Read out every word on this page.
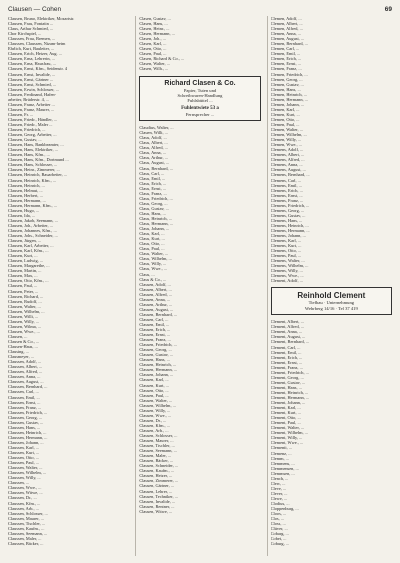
Clausen — Cohen	69
Clausen, Bruno, Elektriker, Mozartstr.
Clausen, Frau, Fontatin ...
Claus, Arthur Schmied, ...
Chor Kirchspiel, ...
Claussen, Frau, Bremen, ...
Claussen, Claussen, Nizam-heim
Ehrlich, Kurt, Bauleiter, ...
Clausen, Erich, Heizer, Aug. ...
Clausen, Erna, Lehrerin, ...
Clausen, Erna, Hausfrau, ...
Clausen, Ernst, Kfm., Seidenstr. 4
Clausen, Ernst, Invalide, ...
Clausen, Ernst, Gärtner ...
Clausen, Ernst, Schmied, ...
Clausen, Erwin, Schlosser, ...
Clausen, Ferdinand, Hafen-
arbeiter, Brüderstr. 4, ...
Clausen, Franz, Arbeiter ...
Clausen, Franz, Maurer, ...
Clausen, Fr. ...
Clausen, Friedr., Händler, ...
Clausen, Friedr., Maler ...
Clausen, Friedrich, ...
Clausen, Georg, Arbeiter, ...
Clausen, Gustav, ...
Clausen, Hans, Bankbeamter, ...
Clausen, Hans, Elektriker, ...
Clausen, Hans, Kfm., ...
Clausen, Hans, Kfm., Dortmund ...
Clausen, Hans, Schlosser, ...
Clausen, Heinr., Zimmerer, ...
Clausen, Heinrich, Bauarbeiter, ...
Clausen, Heinrich, Kfm., ...
Clausen, Heinrich, ...
Clausen, Helmut, ...
Clausen, Herbert, ...
Clausen, Hermann, ...
Clausen, Hermann, Kfm., ...
Clausen, Hugo, ...
Clausen, Ida, ...
Clausen, Jakob, Seemann, ...
Clausen, Joh., Arbeiter, ...
Clausen, Johannes, Kfm., ...
Clausen, Johs., Schneider, ...
Clausen, Jürgen, ...
Clausen, Karl, Arbeiter, ...
Clausen, Karl, Kfm., ...
Clausen, Kurt, ...
Clausen, Ludwig, ...
Clausen, Margarethe, ...
Clausen, Martin, ...
Clausen, Max, ...
Clausen, Otto, Kfm., ...
Clausen, Paul, ...
Clausen, Peter, ...
Clausen, Richard, ...
Clausen, Rudolf, ...
Clausen, Walter, ...
Clausen, Wilhelm, ...
Clausen, Willi, ...
Clausen, Willy, ...
Clausen, Wilma, ...
Clausen, Wwe., ...
Clausen, ...
Clausen & Co., ...
Clausen-Haus, ...
Clausing, ...
Clausmeyer, ...
Claussen, Adolf, ...
Claussen, Albert, ...
Claussen, Alfred, ...
Claussen, Anna, ...
Claussen, August, ...
Claussen, Bernhard, ...
Claussen, Carl, ...
Claussen, Emil, ...
Claussen, Ernst, ...
Claussen, Franz, ...
Claussen, Friedrich, ...
Claussen, Georg, ...
Claussen, Gustav, ...
Claussen, Hans, ...
Claussen, Heinrich, ...
Claussen, Hermann, ...
Claussen, Johann, ...
Claussen, Karl, ...
Claussen, Kurt, ...
Claussen, Otto, ...
Claussen, Paul, ...
Claussen, Walter, ...
Claussen, Wilhelm, ...
Claussen, Willy, ...
Claussen, ...
Claussen, Wwe., ...
Claussen, Witwe, ...
Claussen, Dr., ...
Claussen, Kfm., ...
Claussen, Arb., ...
Claussen, Schlosser, ...
Claussen, Maurer, ...
Claussen, Tischler, ...
Claussen, Kaufm., ...
Claussen, Seemann, ...
Claussen, Maler, ...
Claussen, Bäcker, ...
Clasen, Gustav, ...
Clasen, Hans, ...
Clasen, Heinr., ...
Clasen, Hermann, ...
Clasen, Joh., ...
Clasen, Karl, ...
Clasen, Otto, ...
Clasen, Paul, ...
Clasen, Richard & Co., ...
Clasen, Walter, ...
Clasen, Wilh., ...
Richard Clasen & Co.
Papier, Tuten und
Schreibwaren-Handlung
Fuhlsbüttel ...
Fuhlentwiete 53 a
Fernsprecher ...
Claudius, Walter, ...
Clauen, Willi, ...
Claus, Adolf, ...
Claus, Albert, ...
Claus, Alfred, ...
Claus, Anna, ...
Claus, Arthur, ...
Claus, August, ...
Claus, Bernhard, ...
Claus, Carl, ...
Claus, Emil, ...
Claus, Erich, ...
Claus, Ernst, ...
Claus, Franz, ...
Claus, Friedrich, ...
Claus, Georg, ...
Claus, Gustav, ...
Claus, Hans, ...
Claus, Heinrich, ...
Claus, Hermann, ...
Claus, Johann, ...
Claus, Karl, ...
Claus, Kurt, ...
Claus, Otto, ...
Claus, Paul, ...
Claus, Walter, ...
Claus, Wilhelm, ...
Claus, Willy, ...
Claus, Wwe., ...
Claus, ...
Claus & Co., ...
Clausen, Adolf, ...
Clausen, Albert, ...
Clausen, Alfred, ...
Clausen, Anna, ...
Clausen, Arthur, ...
Clausen, August, ...
Clausen, Bernhard, ...
Clausen, Carl, ...
Clausen, Emil, ...
Clausen, Erich, ...
Clausen, Ernst, ...
Clausen, Franz, ...
Clausen, Friedrich, ...
Clausen, Georg, ...
Clausen, Gustav, ...
Clausen, Hans, ...
Clausen, Heinrich, ...
Clausen, Hermann, ...
Clausen, Johann, ...
Clausen, Karl, ...
Clausen, Kurt, ...
Clausen, Otto, ...
Clausen, Paul, ...
Clausen, Walter, ...
Clausen, Wilhelm, ...
Clausen, Willy, ...
Clausen, Wwe., ...
Clausen, Dr., ...
Clausen, Kfm., ...
Clausen, Arb., ...
Clausen, Schlosser, ...
Clausen, Maurer, ...
Clausen, Tischler, ...
Clausen, Seemann, ...
Clausen, Maler, ...
Clausen, Bäcker, ...
Clausen, Schneider, ...
Clausen, Kaufm., ...
Clausen, Heizer, ...
Clausen, Zimmerer, ...
Clausen, Gärtner, ...
Clausen, Lehrer, ...
Clausen, Techniker, ...
Clausen, Invalide, ...
Clausen, Rentner, ...
Clausen, Witwe, ...
Clemen, Adolf, ...
Clemen, Albert, ...
Clemen, Alfred, ...
Clemen, Anna, ...
Clemen, August, ...
Clemen, Bernhard, ...
Clemen, Carl, ...
Clemen, Emil, ...
Clemen, Erich, ...
Clemen, Ernst, ...
Clemen, Franz, ...
Clemen, Friedrich, ...
Clemen, Georg, ...
Clemen, Gustav, ...
Clemen, Hans, ...
Clemen, Heinrich, ...
Clemen, Hermann, ...
Clemen, Johann, ...
Clemen, Karl, ...
Clemen, Kurt, ...
Clemen, Otto, ...
Clemen, Paul, ...
Clemen, Walter, ...
Clemen, Wilhelm, ...
Clemen, Willy, ...
Clemen, Wwe., ...
Clemens, Adolf, ...
Clemens, Albert, ...
Clemens, Alfred, ...
Clemens, Anna, ...
Clemens, August, ...
Clemens, Bernhard, ...
Clemens, Carl, ...
Clemens, Emil, ...
Clemens, Erich, ...
Clemens, Ernst, ...
Clemens, Franz, ...
Clemens, Friedrich, ...
Clemens, Georg, ...
Clemens, Gustav, ...
Clemens, Hans, ...
Clemens, Heinrich, ...
Clemens, Hermann, ...
Clemens, Johann, ...
Clemens, Karl, ...
Clemens, Kurt, ...
Clemens, Otto, ...
Clemens, Paul, ...
Clemens, Walter, ...
Clemens, Wilhelm, ...
Clemens, Willy, ...
Clemens, Wwe., ...
Clement, Adolf, ...
Reinhold Clement
Tiefbau · Unternehmung
Wehrberg 14/16 · Tel 37 419
Clement, Albert, ...
Clement, Alfred, ...
Clement, Anna, ...
Clement, August, ...
Clement, Bernhard, ...
Clement, Carl, ...
Clement, Emil, ...
Clement, Erich, ...
Clement, Ernst, ...
Clement, Franz, ...
Clement, Friedrich, ...
Clement, Georg, ...
Clement, Gustav, ...
Clement, Hans, ...
Clement, Heinrich, ...
Clement, Hermann, ...
Clement, Johann, ...
Clement, Karl, ...
Clement, Kurt, ...
Clement, Otto, ...
Clement, Paul, ...
Clement, Walter, ...
Clement, Wilhelm, ...
Clement, Willy, ...
Clement, Wwe., ...
Clementi, ...
Clemenz, ...
Clemm, ...
Clemmens, ...
Clemmensen, ...
Clemmsen, ...
Clench, ...
Clerc, ...
Cleve, ...
Clever, ...
Clewe, ...
Clodius, ...
Cloppenburg, ...
Cloos, ...
Clos, ...
Closs, ...
Clüver, ...
Cobarg, ...
Cobet, ...
Coburg, ...
